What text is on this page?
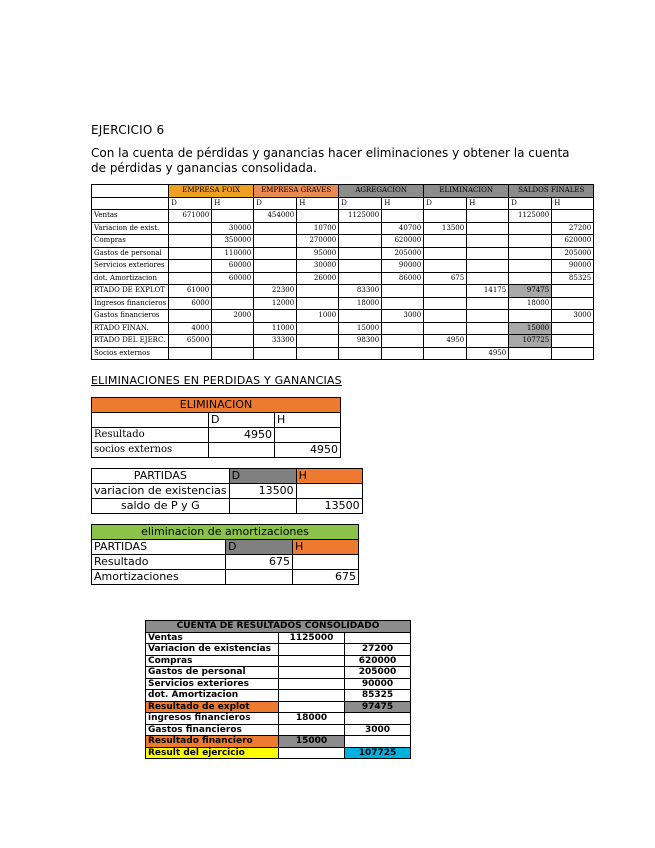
EJERCICIO 6
Con la cuenta de pérdidas y ganancias hacer eliminaciones y obtener la cuenta de pérdidas y ganancias consolidada.
	EMPRESA FOIX		EMPRESA GRAVES		AGREGACION		ELIMINACION		SALDOS FINALES	
	D	H	D	H	D	H	D	H	D	H
Ventas	671000		454000		1125000				1125000	
Variacion de exist.		30000		10700		40700	13500			27200
Compras		350000		270000		620000				620000
Gastos de personal		110000		95000		205000				205000
Servicios exteriores		60000		30000		90000				90000
dot. Amortizacion		60000		26000		86000	675			85325
RTADO DE EXPLOT	61000		22300		83300			14175	97475	
Ingresos financieros	6000		12000		18000				18000	
Gastos financieros		2000		1000		3000				3000
RTADO FINAN.	4000		11000		15000				15000	
RTADO DEL EJERC.	65000		33300		98300		4950		107725	
Socios externos								4950		
ELIMINACIONES EN PERDIDAS Y GANANCIAS
ELIMINACION		
	D	H
Resultado	4950	
socios externos		4950
PARTIDAS	D	H
variacion de existencias	13500	
saldo de P y G		13500
eliminacion de amortizaciones		
PARTIDAS	D	H
Resultado	675	
Amortizaciones		675
CUENTA DE RESULTADOS CONSOLIDADO		
Ventas	1125000	
Variacion de existencias		27200
Compras		620000
Gastos de personal		205000
Servicios exteriores		90000
dot. Amortizacion		85325
Resultado de explot		97475
ingresos financieros	18000	
Gastos financieros		3000
Resultado financiero	15000	
Result del ejercicio		107725
